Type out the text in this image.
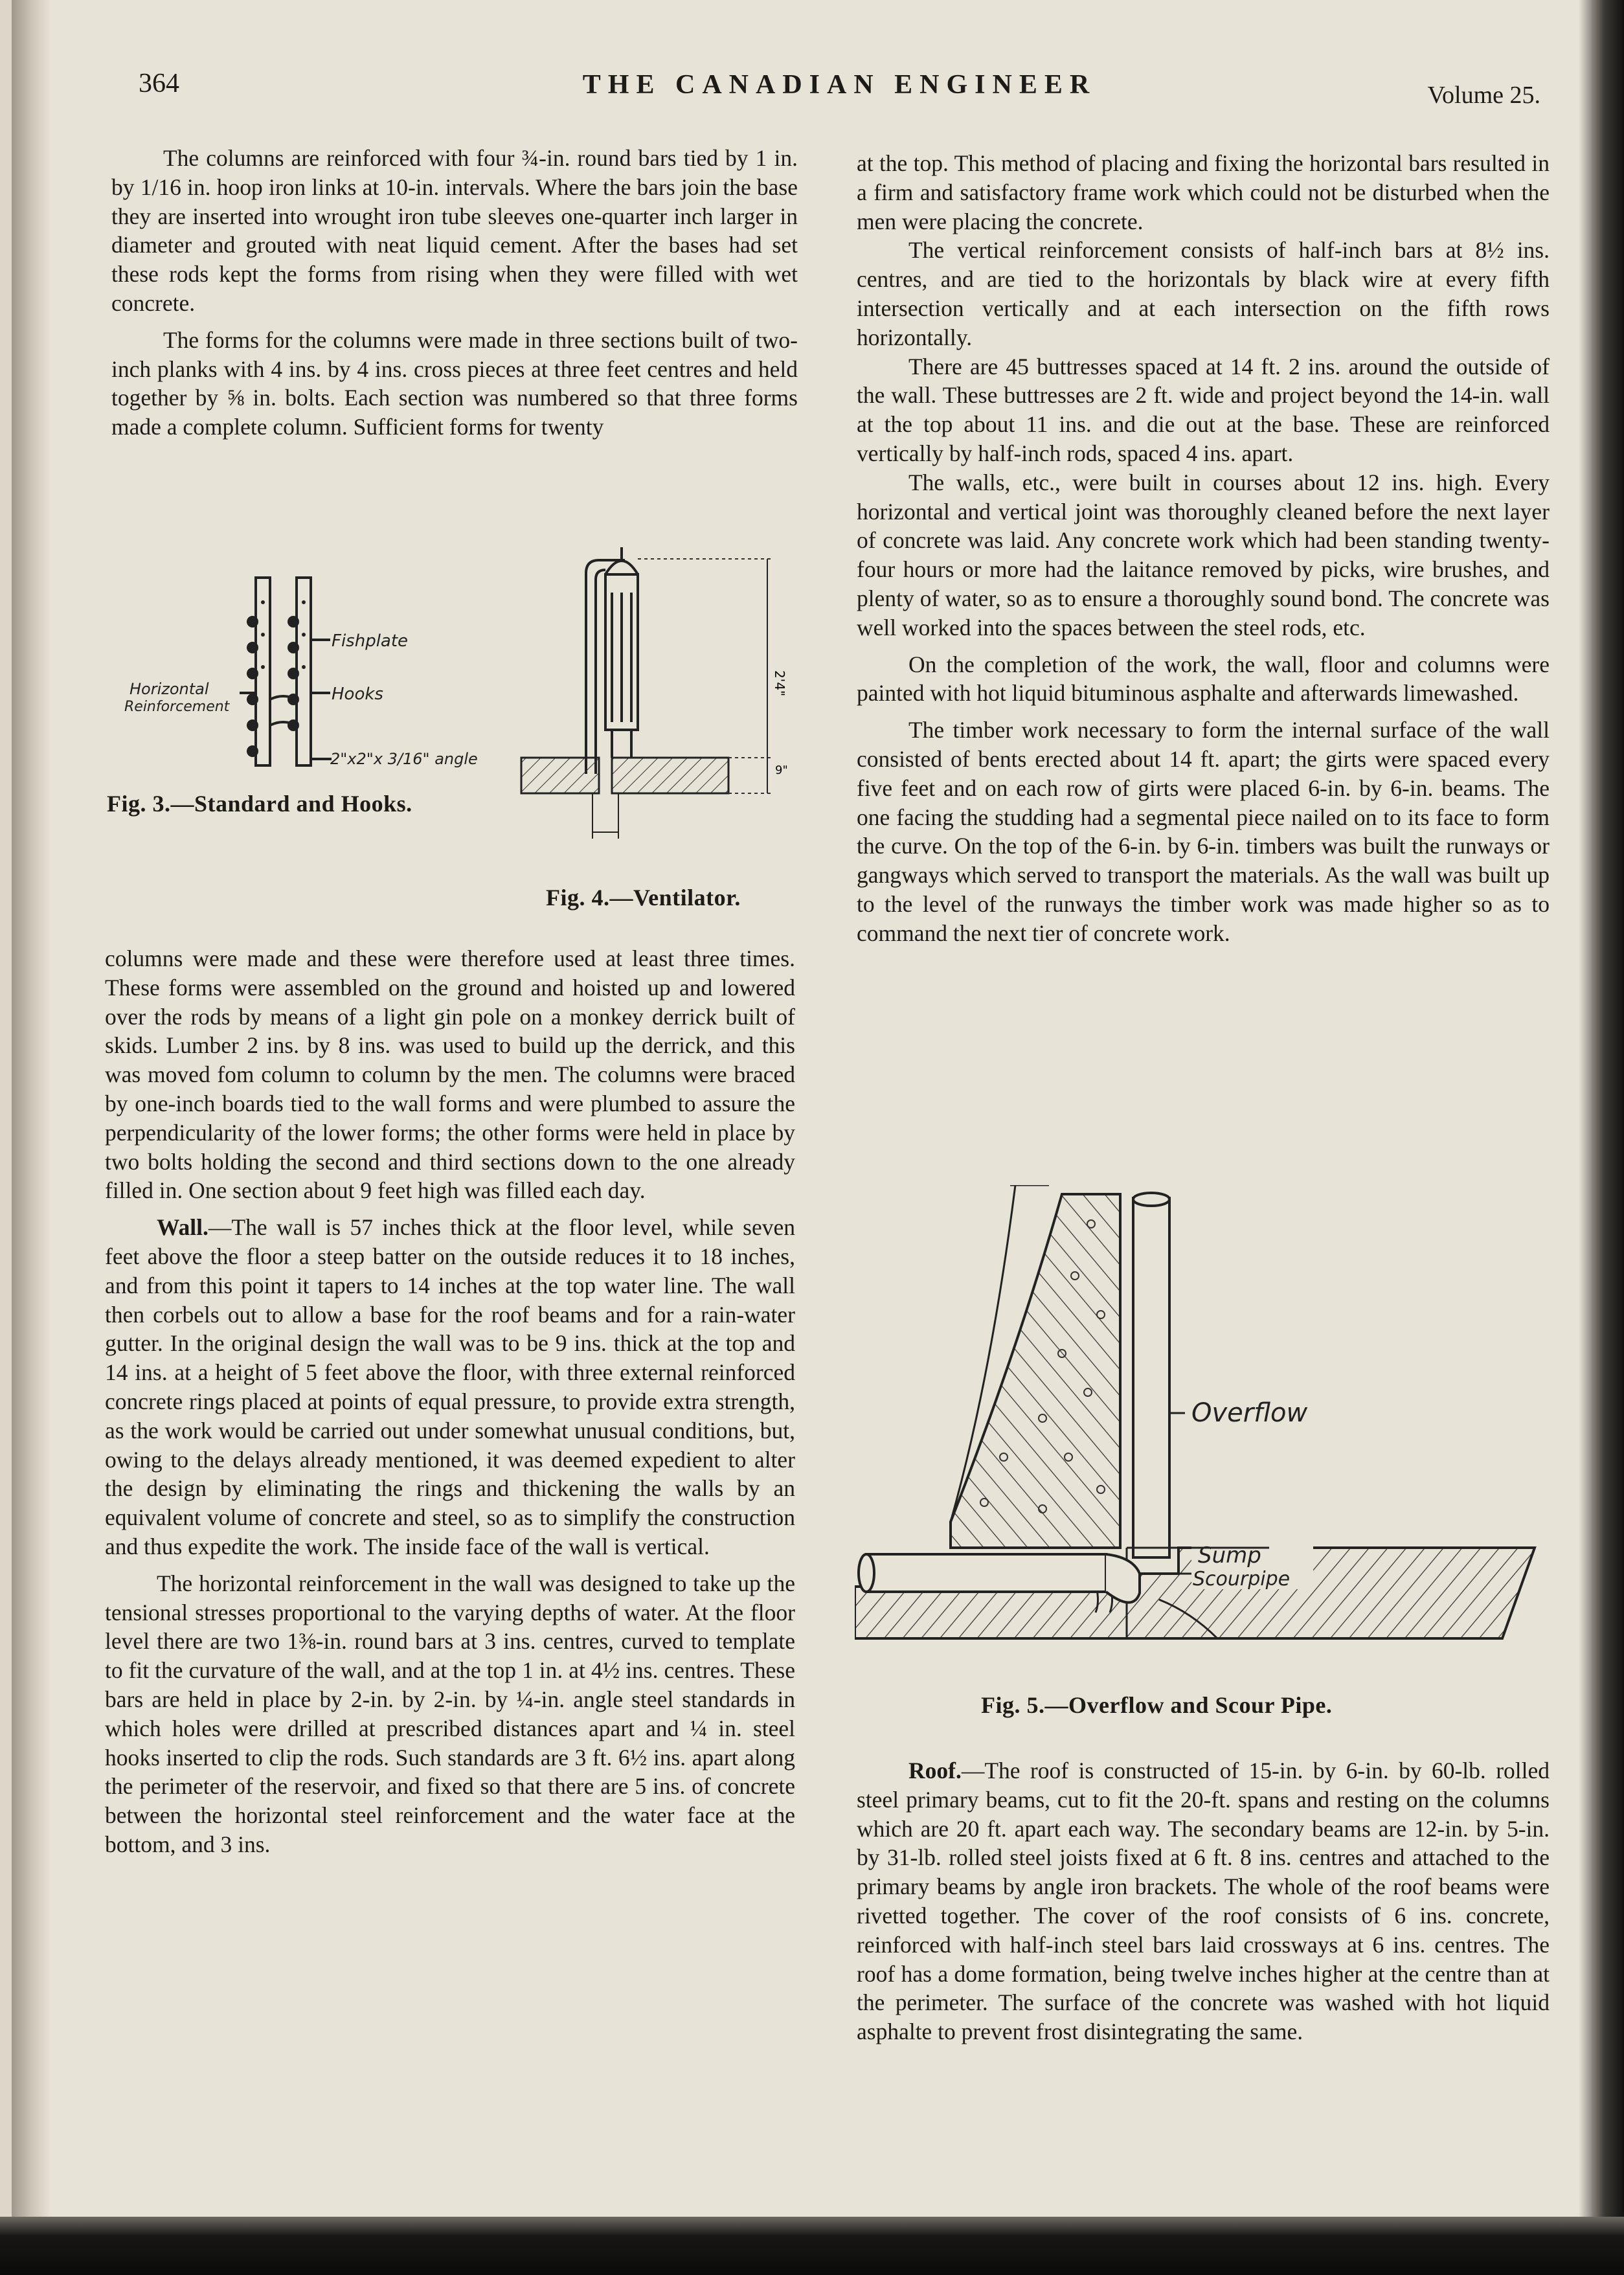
364	THE CANADIAN ENGINEER	Volume 25.

The columns are reinforced with four ¾-in. round bars tied by 1 in. by 1/16 in. hoop iron links at 10-in. intervals. Where the bars join the base they are inserted into wrought iron tube sleeves one-quarter inch larger in diameter and grouted with neat liquid cement. After the bases had set these rods kept the forms from rising when they were filled with wet concrete.

The forms for the columns were made in three sections built of two-inch planks with 4 ins. by 4 ins. cross pieces at three feet centres and held together by ⅝ in. bolts. Each section was numbered so that three forms made a complete column. Sufficient forms for twenty

Fishplate
Horizontal
Reinforcement
Hooks
2"x2"x 3/16" angle
Fig. 3.—Standard and Hooks.
2'4"
9"
Fig. 4.—Ventilator.

columns were made and these were therefore used at least three times. These forms were assembled on the ground and hoisted up and lowered over the rods by means of a light gin pole on a monkey derrick built of skids. Lumber 2 ins. by 8 ins. was used to build up the derrick, and this was moved fom column to column by the men. The columns were braced by one-inch boards tied to the wall forms and were plumbed to assure the perpendicularity of the lower forms; the other forms were held in place by two bolts holding the second and third sections down to the one already filled in. One section about 9 feet high was filled each day.

Wall.—The wall is 57 inches thick at the floor level, while seven feet above the floor a steep batter on the outside reduces it to 18 inches, and from this point it tapers to 14 inches at the top water line. The wall then corbels out to allow a base for the roof beams and for a rain-water gutter. In the original design the wall was to be 9 ins. thick at the top and 14 ins. at a height of 5 feet above the floor, with three external reinforced concrete rings placed at points of equal pressure, to provide extra strength, as the work would be carried out under somewhat unusual conditions, but, owing to the delays already mentioned, it was deemed expedient to alter the design by eliminating the rings and thickening the walls by an equivalent volume of concrete and steel, so as to simplify the construction and thus expedite the work. The inside face of the wall is vertical.

The horizontal reinforcement in the wall was designed to take up the tensional stresses proportional to the varying depths of water. At the floor level there are two 1⅜-in. round bars at 3 ins. centres, curved to template to fit the curvature of the wall, and at the top 1 in. at 4½ ins. centres. These bars are held in place by 2-in. by 2-in. by ¼-in. angle steel standards in which holes were drilled at prescribed distances apart and ¼ in. steel hooks inserted to clip the rods. Such standards are 3 ft. 6½ ins. apart along the perimeter of the reservoir, and fixed so that there are 5 ins. of concrete between the horizontal steel reinforcement and the water face at the bottom, and 3 ins.

at the top. This method of placing and fixing the horizontal bars resulted in a firm and satisfactory frame work which could not be disturbed when the men were placing the concrete.

The vertical reinforcement consists of half-inch bars at 8½ ins. centres, and are tied to the horizontals by black wire at every fifth intersection vertically and at each intersection on the fifth rows horizontally.

There are 45 buttresses spaced at 14 ft. 2 ins. around the outside of the wall. These buttresses are 2 ft. wide and project beyond the 14-in. wall at the top about 11 ins. and die out at the base. These are reinforced vertically by half-inch rods, spaced 4 ins. apart.

The walls, etc., were built in courses about 12 ins. high. Every horizontal and vertical joint was thoroughly cleaned before the next layer of concrete was laid. Any concrete work which had been standing twenty-four hours or more had the laitance removed by picks, wire brushes, and plenty of water, so as to ensure a thoroughly sound bond. The concrete was well worked into the spaces between the steel rods, etc.

On the completion of the work, the wall, floor and columns were painted with hot liquid bituminous asphalte and afterwards limewashed.

The timber work necessary to form the internal surface of the wall consisted of bents erected about 14 ft. apart; the girts were spaced every five feet and on each row of girts were placed 6-in. by 6-in. beams. The one facing the studding had a segmental piece nailed on to its face to form the curve. On the top of the 6-in. by 6-in. timbers was built the runways or gangways which served to transport the materials. As the wall was built up to the level of the runways the timber work was made higher so as to command the next tier of concrete work.

Overflow
Sump
Scourpipe
Fig. 5.—Overflow and Scour Pipe.

Roof.—The roof is constructed of 15-in. by 6-in. by 60-lb. rolled steel primary beams, cut to fit the 20-ft. spans and resting on the columns which are 20 ft. apart each way. The secondary beams are 12-in. by 5-in. by 31-lb. rolled steel joists fixed at 6 ft. 8 ins. centres and attached to the primary beams by angle iron brackets. The whole of the roof beams were rivetted together. The cover of the roof consists of 6 ins. concrete, reinforced with half-inch steel bars laid crossways at 6 ins. centres. The roof has a dome formation, being twelve inches higher at the centre than at the perimeter. The surface of the concrete was washed with hot liquid asphalte to prevent frost disintegrating the same.
